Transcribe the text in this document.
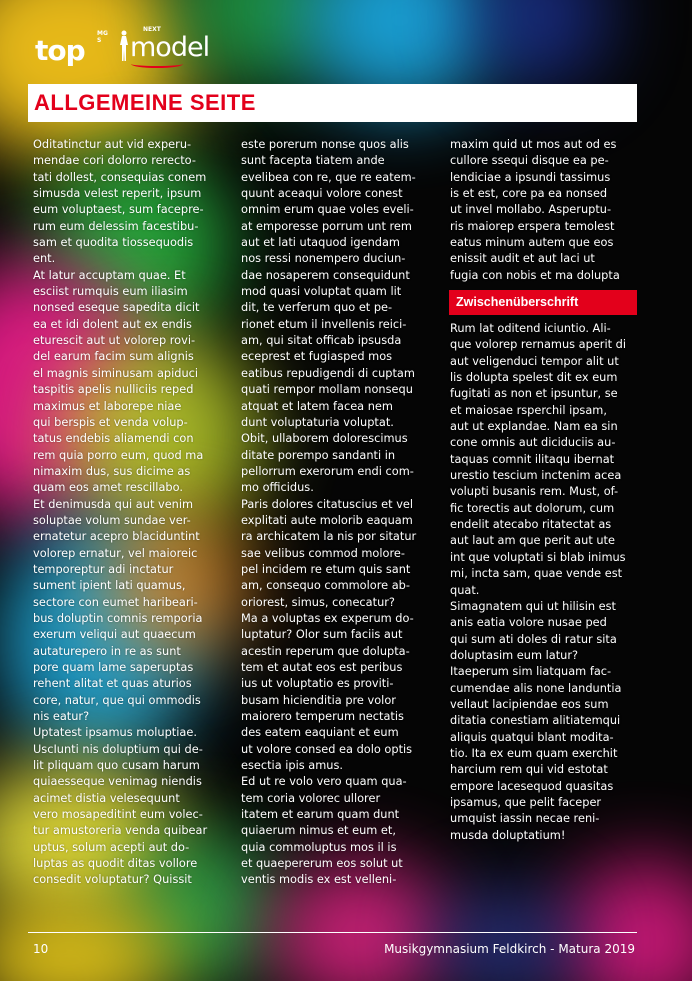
MG S
top
NEXT
model
ALLGEMEINE SEITE

Oditatinctur aut vid experu-

mendae cori dolorro rerecto-

tati dollest, consequias conem

simusda velest reperit, ipsum

eum voluptaest, sum facepre-

rum eum delessim facestibu-

sam et quodita tiossequodis

ent.

At latur accuptam quae. Et

esciist rumquis eum iliasim

nonsed eseque sapedita dicit

ea et idi dolent aut ex endis

eturescit aut ut volorep rovi-

del earum facim sum alignis

el magnis siminusam apiduci

taspitis apelis nulliciis reped

maximus et laborepe niae

qui berspis et venda volup-

tatus endebis aliamendi con

rem quia porro eum, quod ma

nimaxim dus, sus dicime as

quam eos amet rescillabo.

Et denimusda qui aut venim

soluptae volum sundae ver-

ernatetur acepro blaciduntint

volorep ernatur, vel maioreic

temporeptur adi inctatur

sument ipient lati quamus,

sectore con eumet haribeari-

bus doluptin comnis remporia

exerum veliqui aut quaecum

autaturepero in re as sunt

pore quam lame saperuptas

rehent alitat et quas aturios

core, natur, que qui ommodis

nis eatur?

Uptatest ipsamus moluptiae.

UscIunti nis doluptium qui de-

lit pliquam quo cusam harum

quiaesseque venimag niendis

acimet distia velesequunt

vero mosapeditint eum volec-

tur amustoreria venda quibear

uptus, solum acepti aut do-

luptas as quodit ditas vollore

consedit voluptatur? Quissit

este porerum nonse quos alis

sunt facepta tiatem ande

evelibea con re, que re eatem-

quunt aceaqui volore conest

omnim erum quae voles eveli-

at emporesse porrum unt rem

aut et lati utaquod igendam

nos ressi nonempero duciun-

dae nosaperem consequidunt

mod quasi voluptat quam lit

dit, te verferum quo et pe-

rionet etum il invellenis reici-

am, qui sitat officab ipsusda

eceprest et fugiasped mos

eatibus repudigendi di cuptam

quati rempor mollam nonsequ

atquat et latem facea nem

dunt voluptaturia voluptat.

Obit, ullaborem dolorescimus

ditate porempo sandanti in

pellorrum exerorum endi com-

mo officidus.

Paris dolores citatuscius et vel

explitati aute molorib eaquam

ra archicatem la nis por sitatur

sae velibus commod molore-

pel incidem re etum quis sant

am, consequo commolore ab-

oriorest, simus, conecatur?

Ma a voluptas ex experum do-

luptatur? Olor sum faciis aut

acestin reperum que dolupta-

tem et autat eos est peribus

ius ut voluptatio es proviti-

busam hicienditia pre volor

maiorero temperum nectatis

des eatem eaquiant et eum

ut volore consed ea dolo optis

esectia ipis amus.

Ed ut re volo vero quam qua-

tem coria volorec ullorer

itatem et earum quam dunt

quiaerum nimus et eum et,

quia commoluptus mos il is

et quaepererum eos solut ut

ventis modis ex est velleni-

maxim quid ut mos aut od es

cullore ssequi disque ea pe-

lendiciae a ipsundi tassimus

is et est, core pa ea nonsed

ut invel mollabo. Asperuptu-

ris maiorep erspera temolest

eatus minum autem que eos

enissit audit et aut laci ut

fugia con nobis et ma dolupta

Zwischenüberschrift

Rum lat oditend iciuntio. Ali-

que volorep rernamus aperit di

aut veligenduci tempor alit ut

lis dolupta spelest dit ex eum

fugitati as non et ipsuntur, se

et maiosae rsperchil ipsam,

aut ut explandae. Nam ea sin

cone omnis aut diciduciis au-

taquas comnit ilitaqu ibernat

urestio tescium inctenim acea

volupti busanis rem. Must, of-

fic torectis aut dolorum, cum

endelit atecabo ritatectat as

aut laut am que perit aut ute

int que voluptati si blab inimus

mi, incta sam, quae vende est

quat.

Simagnatem qui ut hilisin est

anis eatia volore nusae ped

qui sum ati doles di ratur sita

doluptasim eum latur?

Itaeperum sim liatquam fac-

cumendae alis none landuntia

vellaut lacipiendae eos sum

ditatia conestiam alitiatemqui

aliquis quatqui blant modita-

tio. Ita ex eum quam exerchit

harcium rem qui vid estotat

empore lacesequod quasitas

ipsamus, que pelit faceper

umquist iassin necae reni-

musda doluptatium!

10	Musikgymnasium Feldkirch - Matura 2019
